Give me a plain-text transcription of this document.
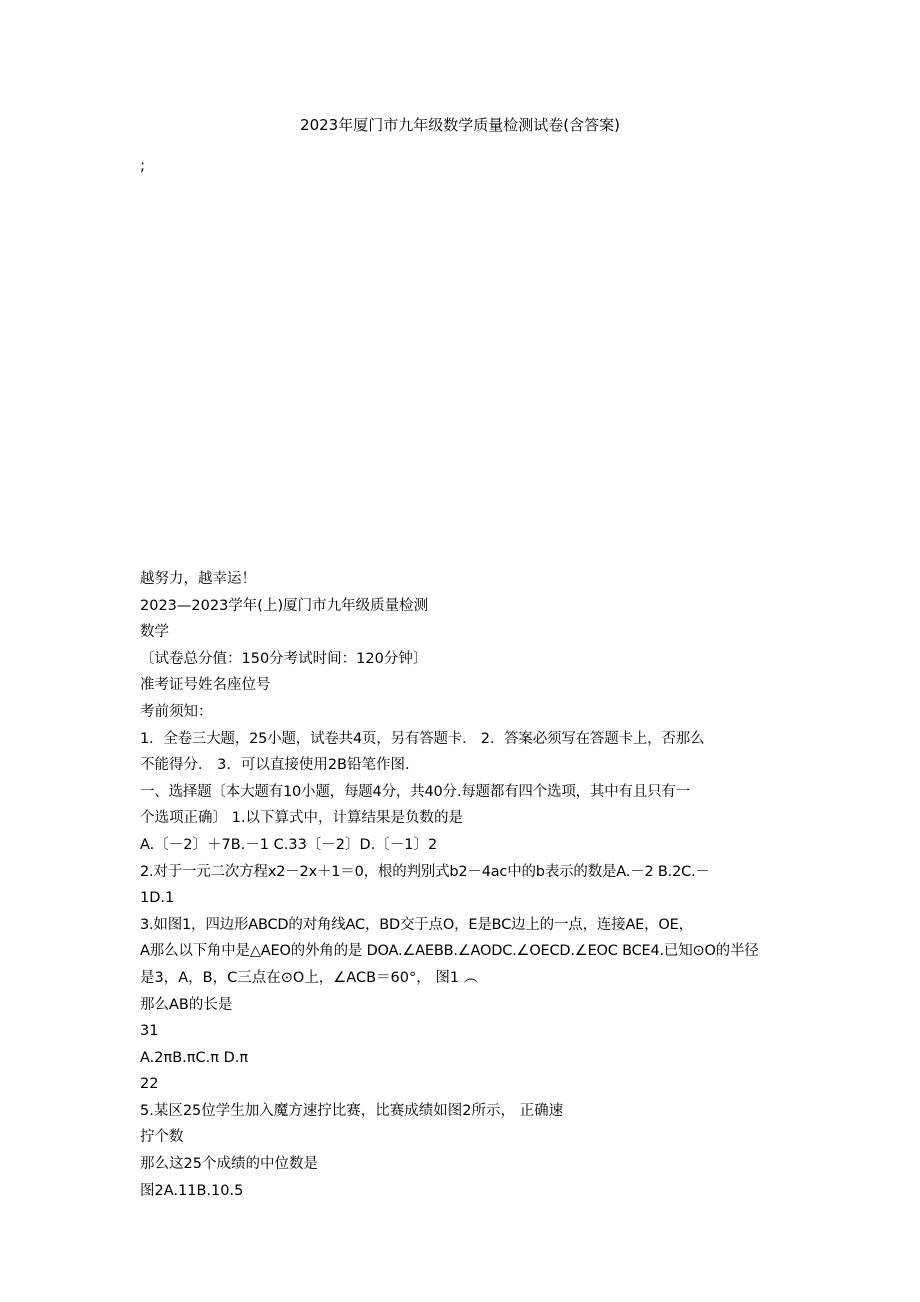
2023年厦门市九年级数学质量检测试卷(含答案)
;
越努力，越幸运！
2023—2023学年(上)厦门市九年级质量检测
数学
〔试卷总分值：150分考试时间：120分钟〕
准考证号姓名座位号
考前须知：
1．全卷三大题，25小题，试卷共4页，另有答题卡． 2．答案必须写在答题卡上，否那么
不能得分． 3．可以直接使用2B铅笔作图．
一、选择题〔本大题有10小题，每题4分，共40分.每题都有四个选项，其中有且只有一
个选项正确〕 1.以下算式中，计算结果是负数的是
A.〔－2〕＋7B.－1 C.33〔－2〕D.〔－1〕2
2.对于一元二次方程x2－2x＋1＝0，根的判别式b2－4ac中的b表示的数是A.－2 B.2C.－
1D.1
3.如图1，四边形ABCD的对角线AC，BD交于点O，E是BC边上的一点，连接AE，OE，
A那么以下角中是△AEO的外角的是 DOA.∠AEBB.∠AODC.∠OECD.∠EOC BCE4.已知⊙O的半径
是3，A，B，C三点在⊙O上，∠ACB＝60°， 图1 ︵
那么AB的长是
31
A.2πB.πC.π D.π
22
5.某区25位学生加入魔方速拧比赛，比赛成绩如图2所示， 正确速
拧个数
那么这25个成绩的中位数是
图2A.11B.10.5
